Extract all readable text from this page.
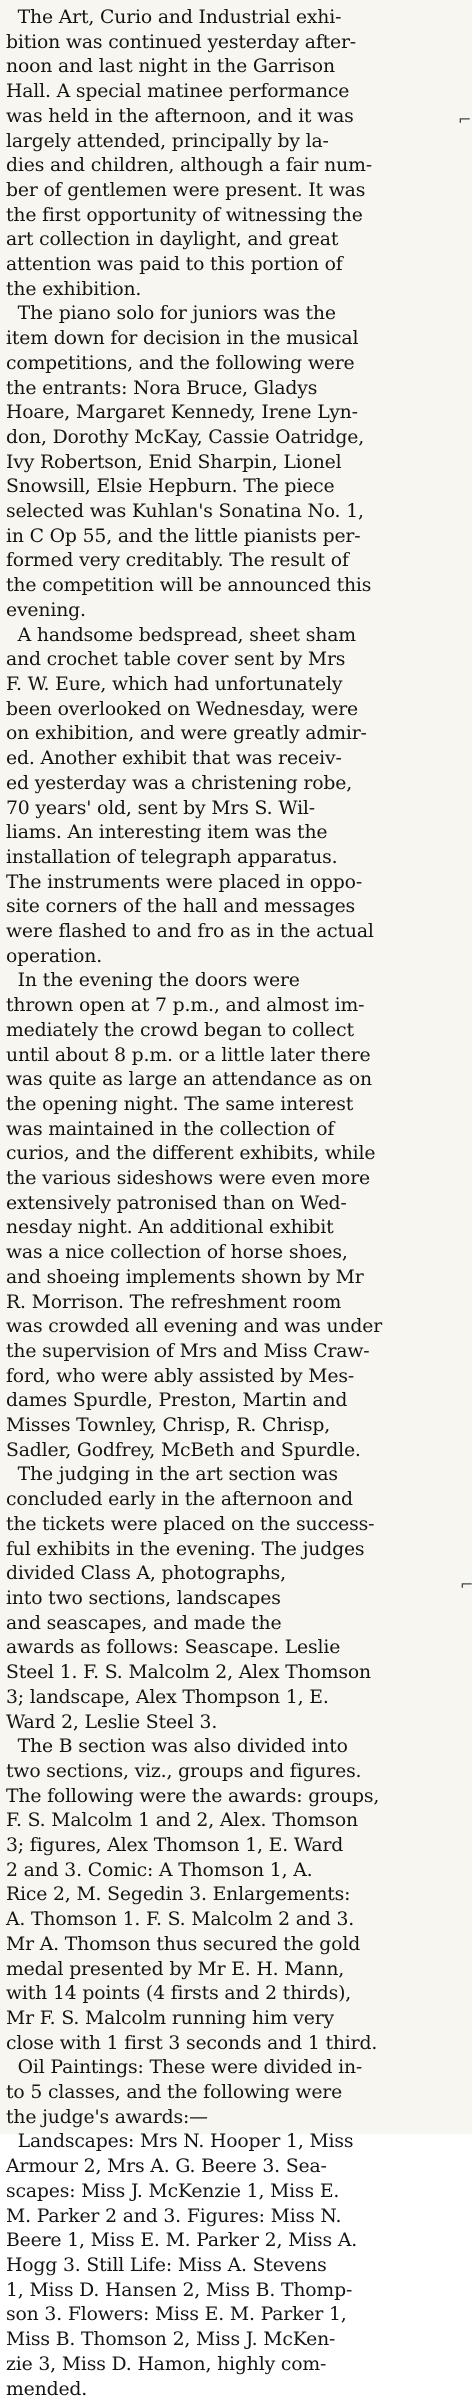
The Art, Curio and Industrial exhi-
bition was continued yesterday after-
noon and last night in the Garrison
Hall. A special matinee performance
was held in the afternoon, and it was
largely attended, principally by la-
dies and children, although a fair num-
ber of gentlemen were present. It was
the first opportunity of witnessing the
art collection in daylight, and great
attention was paid to this portion of
the exhibition.

The piano solo for juniors was the
item down for decision in the musical
competitions, and the following were
the entrants: Nora Bruce, Gladys
Hoare, Margaret Kennedy, Irene Lyn-
don, Dorothy McKay, Cassie Oatridge,
Ivy Robertson, Enid Sharpin, Lionel
Snowsill, Elsie Hepburn. The piece
selected was Kuhlan's Sonatina No. 1,
in C Op 55, and the little pianists per-
formed very creditably. The result of
the competition will be announced this
evening.

A handsome bedspread, sheet sham
and crochet table cover sent by Mrs
F. W. Eure, which had unfortunately
been overlooked on Wednesday, were
on exhibition, and were greatly admir-
ed. Another exhibit that was receiv-
ed yesterday was a christening robe,
70 years' old, sent by Mrs S. Wil-
liams. An interesting item was the
installation of telegraph apparatus.
The instruments were placed in oppo-
site corners of the hall and messages
were flashed to and fro as in the actual
operation.

In the evening the doors were
thrown open at 7 p.m., and almost im-
mediately the crowd began to collect
until about 8 p.m. or a little later there
was quite as large an attendance as on
the opening night. The same interest
was maintained in the collection of
curios, and the different exhibits, while
the various sideshows were even more
extensively patronised than on Wed-
nesday night. An additional exhibit
was a nice collection of horse shoes,
and shoeing implements shown by Mr
R. Morrison. The refreshment room
was crowded all evening and was under
the supervision of Mrs and Miss Craw-
ford, who were ably assisted by Mes-
dames Spurdle, Preston, Martin and
Misses Townley, Chrisp, R. Chrisp,
Sadler, Godfrey, McBeth and Spurdle.

The judging in the art section was
concluded early in the afternoon and
the tickets were placed on the success-
ful exhibits in the evening. The judges
divided Class A, photographs,
into two sections, landscapes
and seascapes, and made the
awards as follows: Seascape. Leslie
Steel 1. F. S. Malcolm 2, Alex Thomson
3; landscape, Alex Thompson 1, E.
Ward 2, Leslie Steel 3.

The B section was also divided into
two sections, viz., groups and figures.
The following were the awards: groups,
F. S. Malcolm 1 and 2, Alex. Thomson
3; figures, Alex Thomson 1, E. Ward
2 and 3. Comic: A Thomson 1, A.
Rice 2, M. Segedin 3. Enlargements:
A. Thomson 1. F. S. Malcolm 2 and 3.
Mr A. Thomson thus secured the gold
medal presented by Mr E. H. Mann,
with 14 points (4 firsts and 2 thirds),
Mr F. S. Malcolm running him very
close with 1 first 3 seconds and 1 third.

Oil Paintings: These were divided in-
to 5 classes, and the following were
the judge's awards:—

Landscapes: Mrs N. Hooper 1, Miss
Armour 2, Mrs A. G. Beere 3. Sea-
scapes: Miss J. McKenzie 1, Miss E.
M. Parker 2 and 3. Figures: Miss N.
Beere 1, Miss E. M. Parker 2, Miss A.
Hogg 3. Still Life: Miss A. Stevens
1, Miss D. Hansen 2, Miss B. Thomp-
son 3. Flowers: Miss E. M. Parker 1,
Miss B. Thomson 2, Miss J. McKen-
zie 3, Miss D. Hamon, highly com-
mended.

⌐
⌐
